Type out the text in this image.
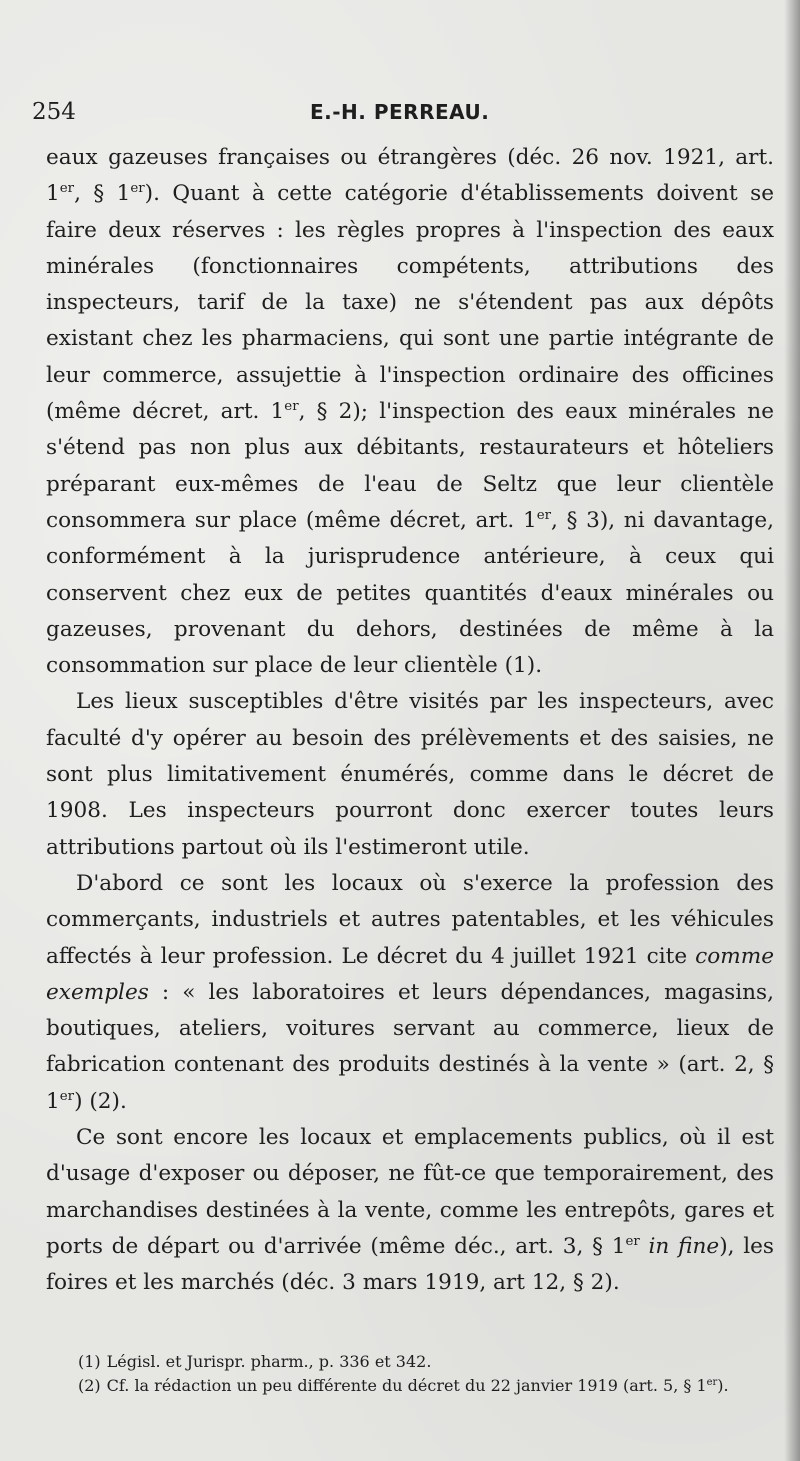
254	E.-H. PERREAU.

eaux gazeuses françaises ou étrangères (déc. 26 nov. 1921, art. 1er, § 1er). Quant à cette catégorie d'établissements doivent se faire deux réserves : les règles propres à l'inspection des eaux minérales (fonctionnaires compétents, attributions des inspecteurs, tarif de la taxe) ne s'étendent pas aux dépôts existant chez les pharmaciens, qui sont une partie intégrante de leur commerce, assujettie à l'inspection ordinaire des officines (même décret, art. 1er, § 2); l'inspection des eaux minérales ne s'étend pas non plus aux débitants, restaurateurs et hôteliers préparant eux-mêmes de l'eau de Seltz que leur clientèle consommera sur place (même décret, art. 1er, § 3), ni davantage, conformément à la jurisprudence antérieure, à ceux qui conservent chez eux de petites quantités d'eaux minérales ou gazeuses, provenant du dehors, destinées de même à la consommation sur place de leur clientèle (1).

Les lieux susceptibles d'être visités par les inspecteurs, avec faculté d'y opérer au besoin des prélèvements et des saisies, ne sont plus limitativement énumérés, comme dans le décret de 1908. Les inspecteurs pourront donc exercer toutes leurs attributions partout où ils l'estimeront utile.

D'abord ce sont les locaux où s'exerce la profession des commerçants, industriels et autres patentables, et les véhicules affectés à leur profession. Le décret du 4 juillet 1921 cite comme exemples : « les laboratoires et leurs dépendances, magasins, boutiques, ateliers, voitures servant au commerce, lieux de fabrication contenant des produits destinés à la vente » (art. 2, § 1er) (2).

Ce sont encore les locaux et emplacements publics, où il est d'usage d'exposer ou déposer, ne fût-ce que temporairement, des marchandises destinées à la vente, comme les entrepôts, gares et ports de départ ou d'arrivée (même déc., art. 3, § 1er in fine), les foires et les marchés (déc. 3 mars 1919, art 12, § 2).

(1) Législ. et Jurispr. pharm., p. 336 et 342.

(2) Cf. la rédaction un peu différente du décret du 22 janvier 1919 (art. 5, § 1er).
